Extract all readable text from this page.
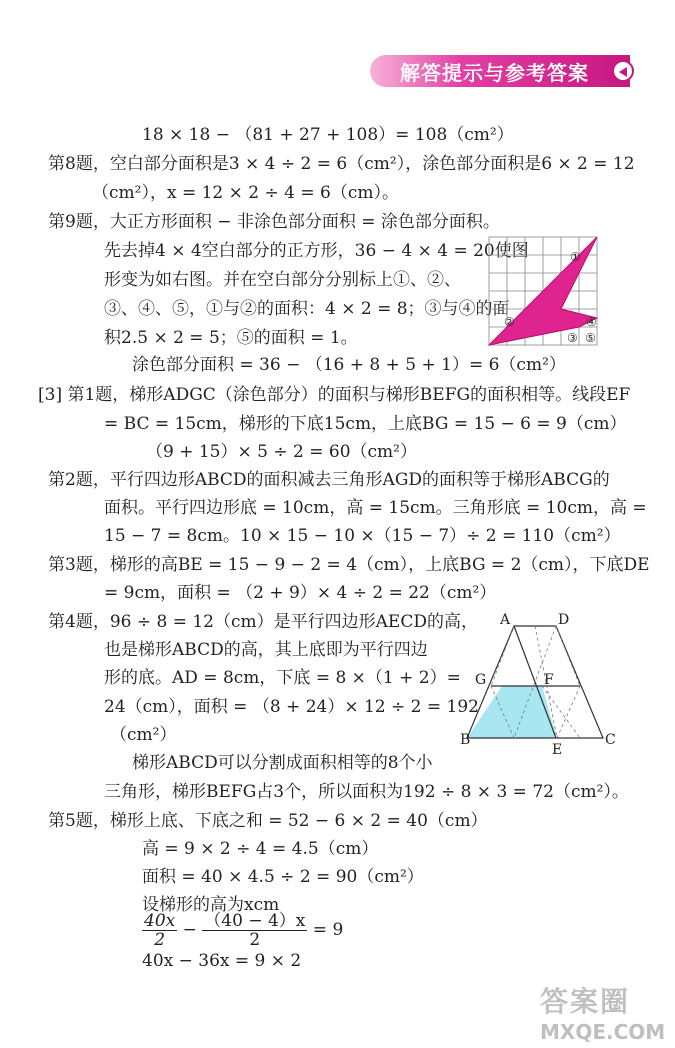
解答提示与参考答案
18 × 18 − （81 + 27 + 108）= 108（cm²）
第8题，空白部分面积是3 × 4 ÷ 2 = 6（cm²），涂色部分面积是6 × 2 = 12
（cm²），x = 12 × 2 ÷ 4 = 6（cm）。
第9题，大正方形面积 − 非涂色部分面积 = 涂色部分面积。
先去掉4 × 4空白部分的正方形，36 − 4 × 4 = 20使图
形变为如右图。并在空白部分分别标上①、②、
③、④、⑤，①与②的面积：4 × 2 = 8；③与④的面
积2.5 × 2 = 5；⑤的面积 = 1。
涂色部分面积 = 36 − （16 + 8 + 5 + 1）= 6（cm²）
①
②
③
④
⑤
[3] 第1题，梯形ADGC（涂色部分）的面积与梯形BEFG的面积相等。线段EF
= BC = 15cm，梯形的下底15cm，上底BG = 15 − 6 = 9（cm）
（9 + 15）× 5 ÷ 2 = 60（cm²）
第2题，平行四边形ABCD的面积减去三角形AGD的面积等于梯形ABCG的
面积。平行四边形底 = 10cm，高 = 15cm。三角形底 = 10cm，高 =
15 − 7 = 8cm。10 × 15 − 10 ×（15 − 7）÷ 2 = 110（cm²）
第3题，梯形的高BE = 15 − 9 − 2 = 4（cm），上底BG = 2（cm），下底DE
= 9cm，面积 = （2 + 9）× 4 ÷ 2 = 22（cm²）
第4题，96 ÷ 8 = 12（cm）是平行四边形AECD的高，
也是梯形ABCD的高，其上底即为平行四边
形的底。AD = 8cm，下底 = 8 ×（1 + 2）=
24（cm），面积 = （8 + 24）× 12 ÷ 2 = 192
（cm²）
A	D
G	F
B
E
C
梯形ABCD可以分割成面积相等的8个小
三角形，梯形BEFG占3个，所以面积为192 ÷ 8 × 3 = 72（cm²）。
第5题，梯形上底、下底之和 = 52 − 6 × 2 = 40（cm）
高 = 9 × 2 ÷ 4 = 4.5（cm）
面积 = 40 × 4.5 ÷ 2 = 90（cm²）
设梯形的高为xcm
$\frac{40x}{2} - \frac{(40 - 4)x}{2} = 9$
40x − 36x = 9 × 2
答案圈
MXQE.COM
